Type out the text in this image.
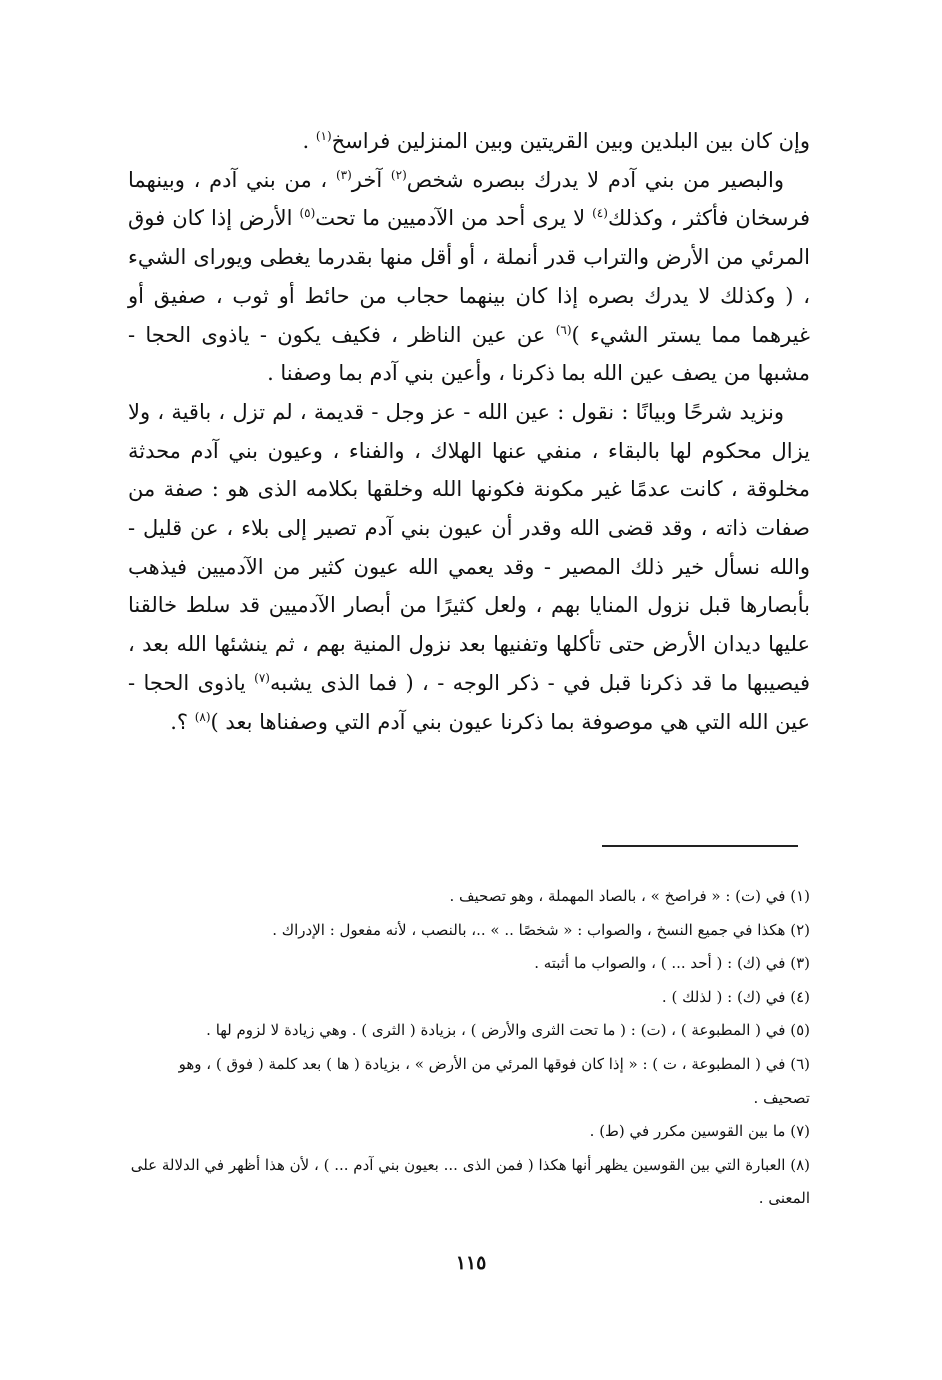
وإن كان بين البلدين وبين القريتين وبين المنزلين فراسخ$^{(١)}$ .

والبصير من بني آدم لا يدرك ببصره شخص$^{(٢)}$ آخر$^{(٣)}$ ، من بني آدم ، وبينهما فرسخان فأكثر ، وكذلك$^{(٤)}$ لا يرى أحد من الآدميين ما تحت$^{(٥)}$ الأرض إذا كان فوق المرئي من الأرض والتراب قدر أنملة ، أو أقل منها بقدرما يغطى ويوراى الشيء ، ( وكذلك لا يدرك بصره إذا كان بينهما حجاب من حائط أو ثوب ، صفيق أو غيرهما مما يستر الشيء )$^{(٦)}$ عن عين الناظر ، فكيف يكون - ياذوى الحجا - مشبها من يصف عين الله بما ذكرنا ، وأعين بني آدم بما وصفنا .

ونزيد شرحًا وبيانًا : نقول : عين الله - عز وجل - قديمة ، لم تزل ، باقية ، ولا يزال محكوم لها بالبقاء ، منفي عنها الهلاك ، والفناء ، وعيون بني آدم محدثة مخلوقة ، كانت عدمًا غير مكونة فكونها الله وخلقها بكلامه الذى هو : صفة من صفات ذاته ، وقد قضى الله وقدر أن عيون بني آدم تصير إلى بلاء ، عن قليل - والله نسأل خير ذلك المصير - وقد يعمي الله عيون كثير من الآدميين فيذهب بأبصارها قبل نزول المنايا بهم ، ولعل كثيرًا من أبصار الآدميين قد سلط خالقنا عليها ديدان الأرض حتى تأكلها وتفنيها بعد نزول المنية بهم ، ثم ينشئها الله بعد ، فيصيبها ما قد ذكرنا قبل في - ذكر الوجه - ، ( فما الذى يشبه$^{(٧)}$ ياذوى الحجا - عين الله التي هي موصوفة بما ذكرنا عيون بني آدم التي وصفناها بعد )$^{(٨)}$ ؟.

(١) في (ت) : « فراصخ » ، بالصاد المهملة ، وهو تصحيف .

(٢) هكذا في جميع النسخ ، والصواب : « شخصًا .. » ..، بالنصب ، لأنه مفعول : الإدراك .

(٣) في (ك) : ( أحد ... ) ، والصواب ما أثبته .

(٤) في (ك) : ( لذلك ) .

(٥) في ( المطبوعة ) ، (ت) : ( ما تحت الثرى والأرض ) ، بزيادة ( الثرى ) . وهي زيادة لا لزوم لها .

(٦) في ( المطبوعة ، ت ) : « إذا كان فوقها المرئي من الأرض » ، بزيادة ( ها ) بعد كلمة ( فوق ) ، وهو تصحيف .

(٧) ما بين القوسين مكرر في (ط) .

(٨) العبارة التي بين القوسين يظهر أنها هكذا ( فمن الذى ... بعيون بني آدم ... ) ، لأن هذا أظهر في الدلالة على المعنى .

١١٥
